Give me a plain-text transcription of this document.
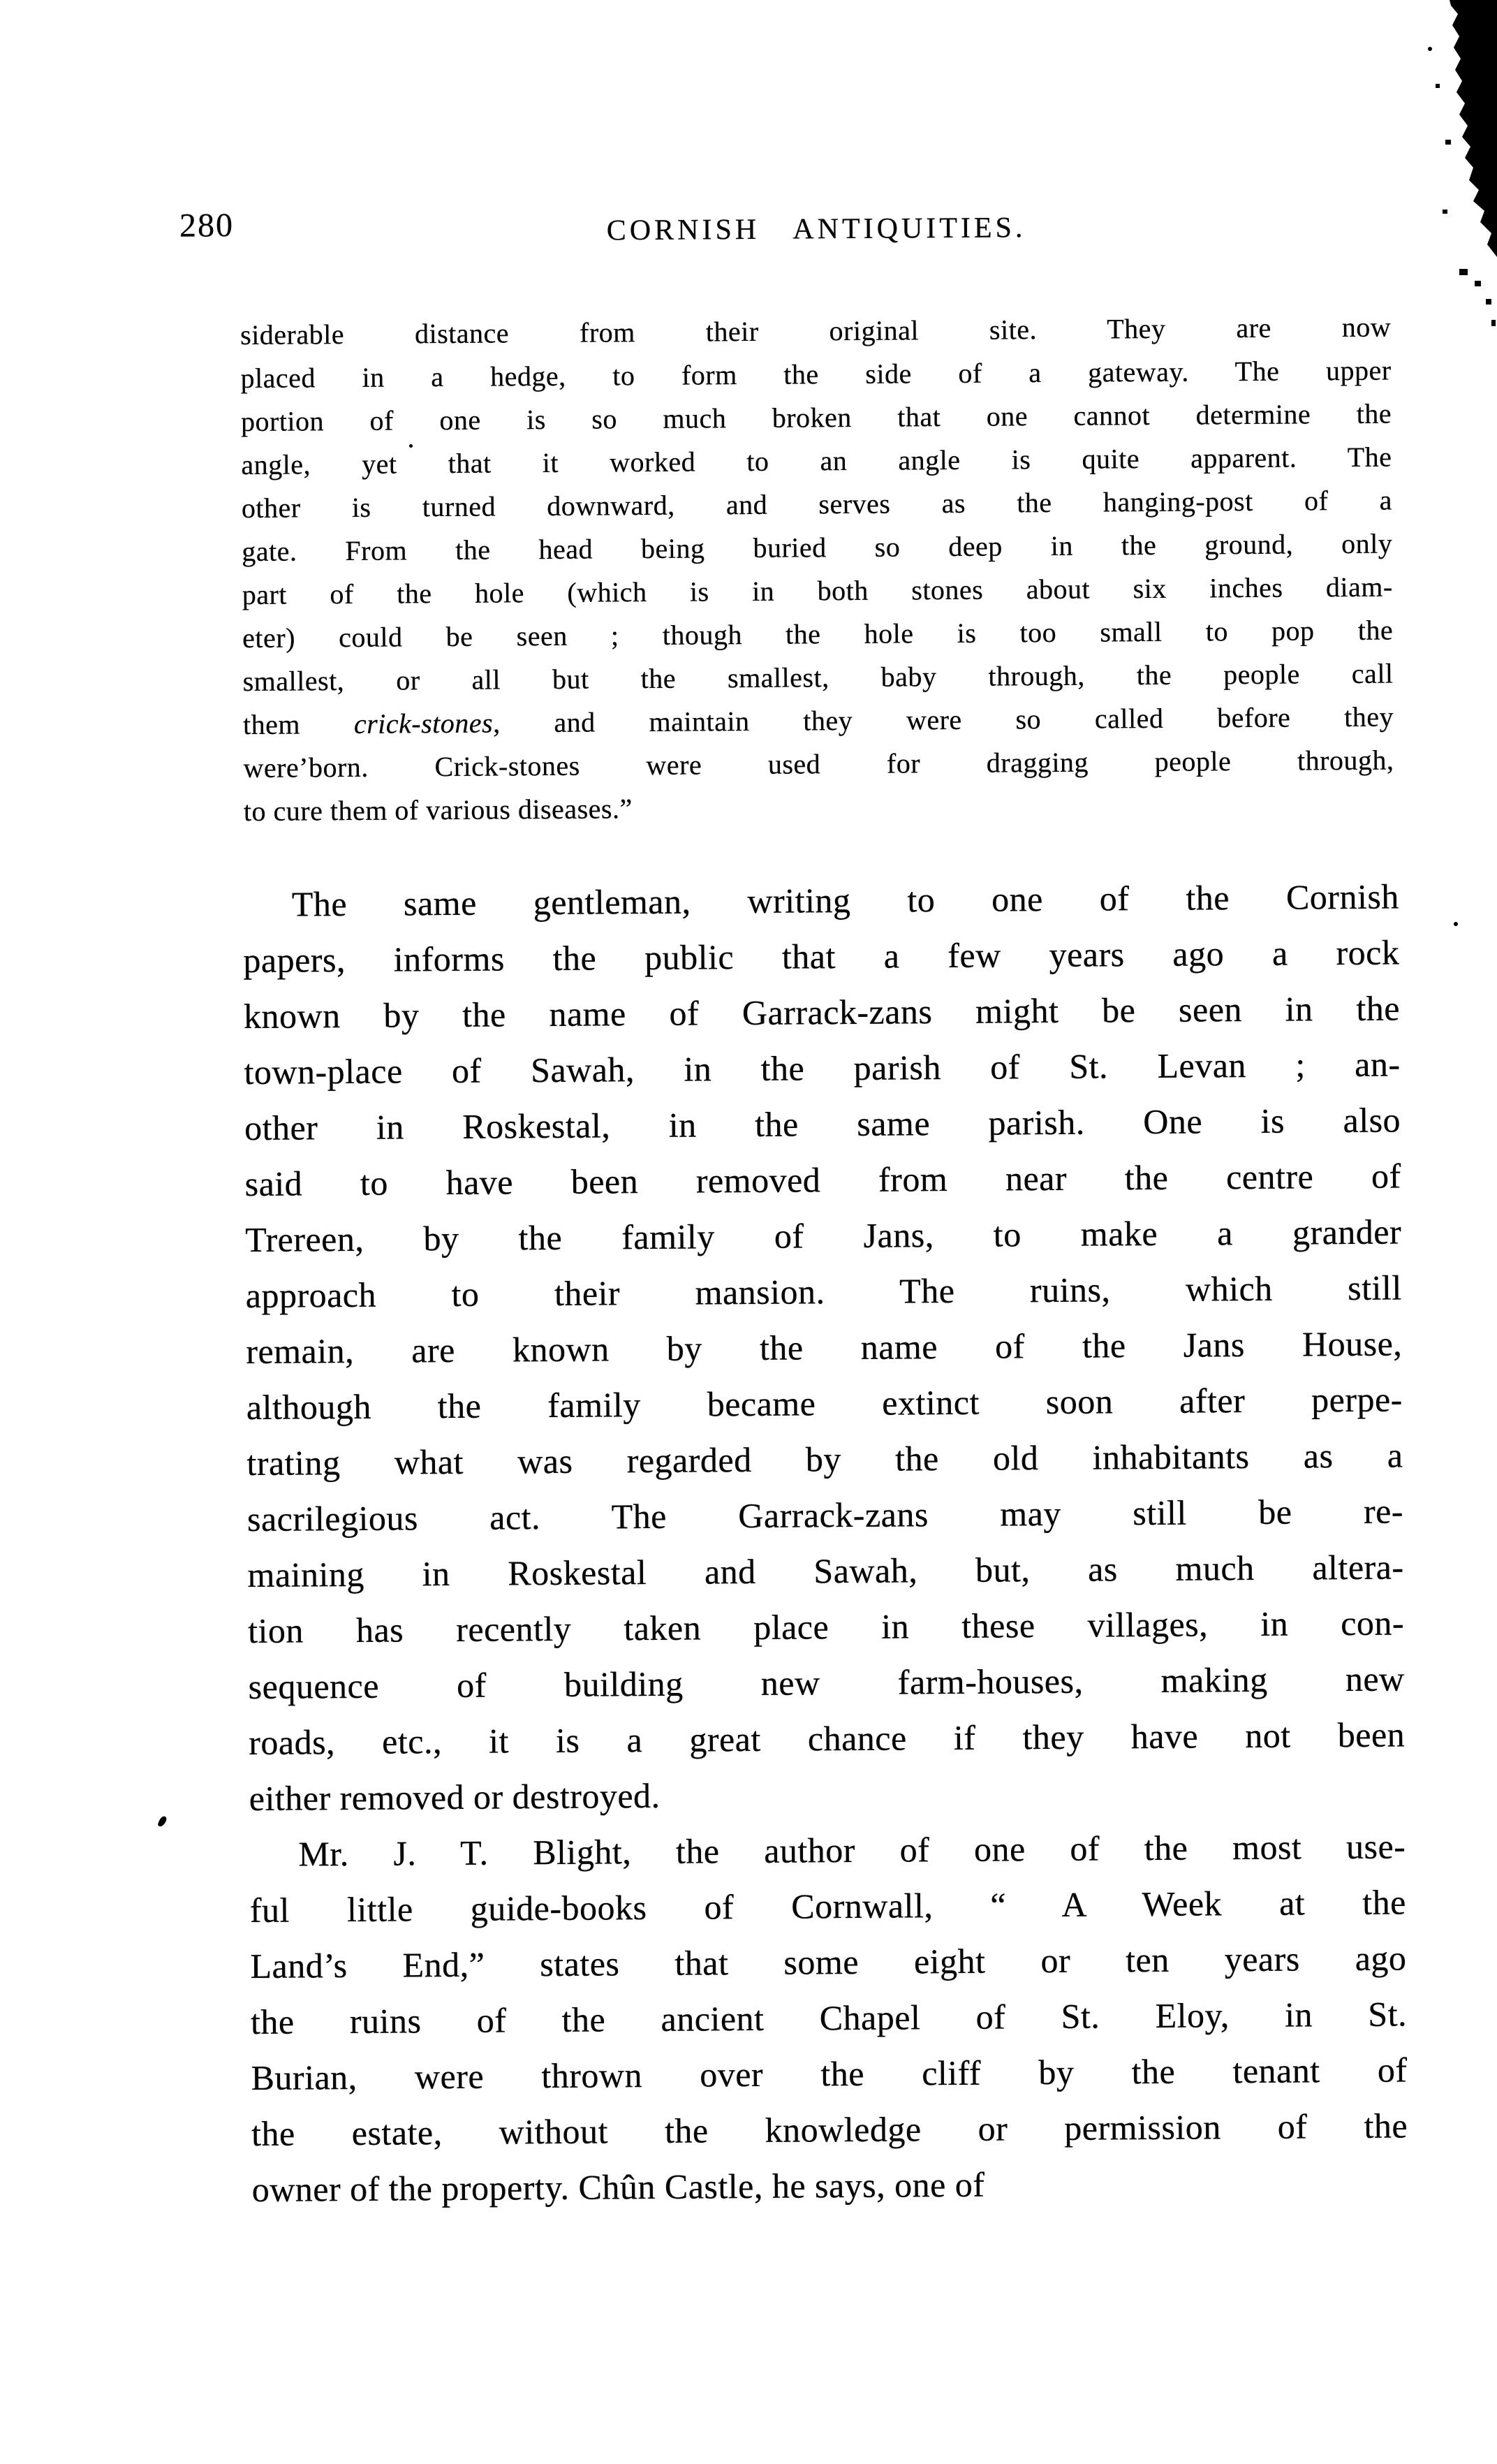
280	CORNISH ANTIQUITIES.
siderable distance from their original site. They are now
placed in a hedge, to form the side of a gateway. The upper
portion of one is so much broken that one cannot determine the
angle, yet that it worked to an angle is quite apparent. The
other is turned downward, and serves as the hanging-post of a
gate. From the head being buried so deep in the ground, only
part of the hole (which is in both stones about six inches diam-
eter) could be seen ; though the hole is too small to pop the
smallest, or all but the smallest, baby through, the people call
them crick-stones, and maintain they were so called before they
were’born. Crick-stones were used for dragging people through,
to cure them of various diseases.”
The same gentleman, writing to one of the Cornish
papers, informs the public that a few years ago a rock
known by the name of Garrack-zans might be seen in the
town-place of Sawah, in the parish of St. Levan ; an-
other in Roskestal, in the same parish. One is also
said to have been removed from near the centre of
Trereen, by the family of Jans, to make a grander
approach to their mansion. The ruins, which still
remain, are known by the name of the Jans House,
although the family became extinct soon after perpe-
trating what was regarded by the old inhabitants as a
sacrilegious act. The Garrack-zans may still be re-
maining in Roskestal and Sawah, but, as much altera-
tion has recently taken place in these villages, in con-
sequence of building new farm-houses, making new
roads, etc., it is a great chance if they have not been
either removed or destroyed.
Mr. J. T. Blight, the author of one of the most use-
ful little guide-books of Cornwall, “ A Week at the
Land’s End,” states that some eight or ten years ago
the ruins of the ancient Chapel of St. Eloy, in St.
Burian, were thrown over the cliff by the tenant of
the estate, without the knowledge or permission of the
owner of the property. Chûn Castle, he says, one of
